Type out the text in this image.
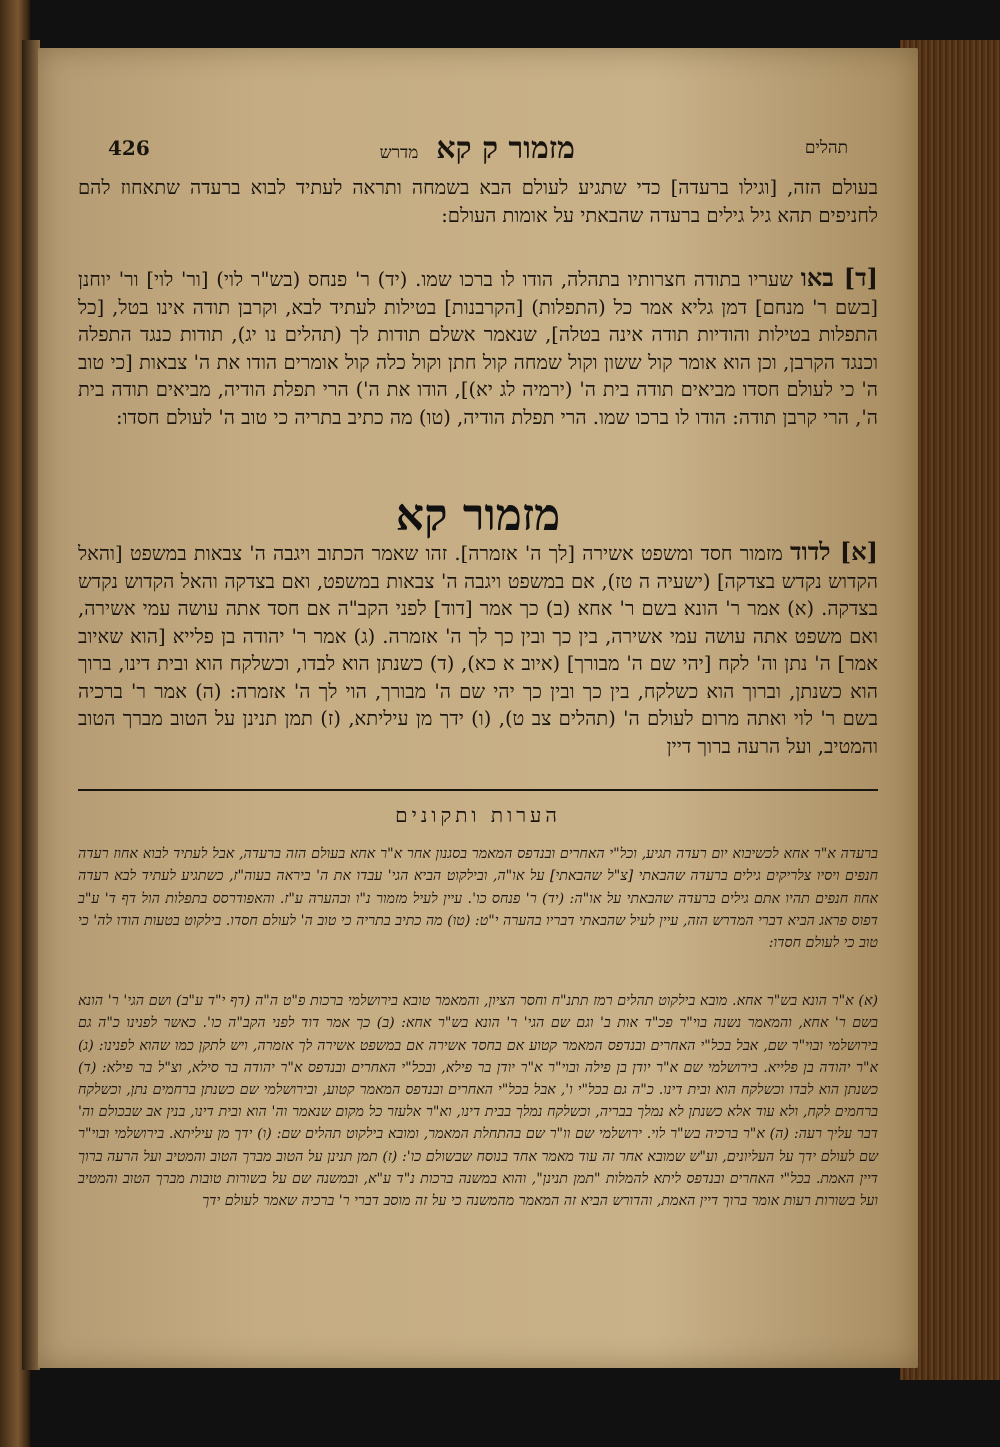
426	מדרש מזמור ק קא	תהלים

בעולם הזה, [וגילו ברעדה] כדי שתגיע לעולם הבא בשמחה ותראה לעתיד לבוא ברעדה שתאחוז להם לחניפים תהא גיל גילים ברעדה שהבאתי על אומות העולם:

[ד] באו שעריו בתודה חצרותיו בתהלה, הודו לו ברכו שמו. (יד) ר' פנחס (בש"ר לוי) [ור' לוי] ור' יוחנן [בשם ר' מנחם] דמן גליא אמר כל (התפלות) [הקרבנות] בטילות לעתיד לבא, וקרבן תודה אינו בטל, [כל התפלות בטילות והודיות תודה אינה בטלה], שנאמר אשלם תודות לך (תהלים נו יג), תודות כנגד התפלה וכנגד הקרבן, וכן הוא אומר קול ששון וקול שמחה קול חתן וקול כלה קול אומרים הודו את ה' צבאות [כי טוב ה' כי לעולם חסדו מביאים תודה בית ה' (ירמיה לג יא)], הודו את ה') הרי תפלת הודיה, מביאים תודה בית ה', הרי קרבן תודה: הודו לו ברכו שמו. הרי תפלת הודיה, (טו) מה כתיב בתריה כי טוב ה' לעולם חסדו:

מזמור קא

[א] לדוד מזמור חסד ומשפט אשירה [לך ה' אזמרה]. זהו שאמר הכתוב ויגבה ה' צבאות במשפט [והאל הקדוש נקדש בצדקה] (ישעיה ה טז), אם במשפט ויגבה ה' צבאות במשפט, ואם בצדקה והאל הקדוש נקדש בצדקה. (א) אמר ר' הונא בשם ר' אחא (ב) כך אמר [דוד] לפני הקב"ה אם חסד אתה עושה עמי אשירה, ואם משפט אתה עושה עמי אשירה, בין כך ובין כך לך ה' אזמרה. (ג) אמר ר' יהודה בן פלייא [הוא שאיוב אמר] ה' נתן וה' לקח [יהי שם ה' מבורך] (איוב א כא), (ד) כשנתן הוא לבדו, וכשלקח הוא ובית דינו, ברוך הוא כשנתן, וברוך הוא כשלקח, בין כך ובין כך יהי שם ה' מבורך, הוי לך ה' אזמרה: (ה) אמר ר' ברכיה בשם ר' לוי ואתה מרום לעולם ה' (תהלים צב ט), (ו) ידך מן עיליתא, (ז) תמן תנינן על הטוב מברך הטוב והמטיב, ועל הרעה ברוך דיין

הערות ותקונים

ברעדה א"ר אחא לכשיבוא יום רעדה תגיע, וכל"י האחרים ובנדפס המאמר בסגנון אחר א"ר אחא בעולם הזה ברעדה, אבל לעתיד לבוא אחוז רעדה חנפים ויסיו צלריקים גילים ברעדה שהבאתי [צ"ל שהבאתי] על או"ה, ובילקוט הביא הגי' עבדו את ה' ביראה בעוה"ז, כשתגיע לעתיד לבא רעדה אחוז חנפים תהיו אתם גילים ברעדה שהבאתי על או"ה: (יד) ר' פנחס כו'. עיין לעיל מזמור נ"ו ובהערה ע"ז. והאפודרסס בתפלות הול דף ד' ע"ב דפוס פראג הביא דברי המדרש הזה, עיין לעיל שהבאתי דבריו בהערה י"ט: (טו) מה כתיב בתריה כי טוב ה' לעולם חסדו. בילקוט בטעות הודו לה' כי טוב כי לעולם חסדו:

(א) א"ר הונא בש"ר אחא. מובא בילקוט תהלים רמז תתנ"ח וחסר הציון, והמאמר טובא בירושלמי ברכות פ"ט ה"ה (דף י"ד ע"ב) ושם הגי' ר' הונא בשם ר' אחא, והמאמר נשנה בוי"ר פכ"ד אות ב' וגם שם הגי' ר' הונא בש"ר אחא: (ב) כך אמר דוד לפני הקב"ה כו'. כאשר לפנינו כ"ה גם בירושלמי ובוי"ר שם, אבל בכל"י האחרים ובנדפס המאמר קטוע אם בחסד אשירה אם במשפט אשירה לך אזמרה, ויש לתקן כמו שהוא לפנינו: (ג) א"ר יהודה בן פלייא. בירושלמי שם א"ר יודן בן פילה ובוי"ר א"ר יודן בר פילא, ובכל"י האחרים ובנדפס א"ר יהודה בר סילא, וצ"ל בר פילא: (ד) כשנתן הוא לבדו וכשלקח הוא ובית דינו. כ"ה גם בכל"י ו', אבל בכל"י האחרים ובנדפס המאמר קטוע, ובירושלמי שם כשנתן ברחמים נתן, וכשלקח ברחמים לקח, ולא עוד אלא כשנתן לא נמלך בבריה, וכשלקח נמלך בבית דינו, וא"ר אלעזר כל מקום שנאמר וה' הוא ובית דינו, בנין אב שבכולם וה' דבר עליך רעה: (ה) א"ר ברכיה בש"ר לוי. ירושלמי שם וו"ר שם בהתחלת המאמר, ומובא בילקוט תהלים שם: (ו) ידך מן עיליתא. בירושלמי ובוי"ר שם לעולם ידך על העליונים, וע"ש שמובא אחר זה עוד מאמר אחד בנוסח שבשולם כו': (ז) תמן תנינן על הטוב מברך הטוב והמטיב ועל הרעה ברוך דיין האמת. בכל"י האחרים ובנדפס ליתא להמלות "תמן תנינן", והוא במשנה ברכות נ"ד ע"א, ובמשנה שם על בשורות טובות מברך הטוב והמטיב ועל בשורות רעות אומר ברוך דיין האמת, והדורש הביא זה המאמר מהמשנה כי על זה מוסב דברי ר' ברכיה שאמר לעולם ידך
